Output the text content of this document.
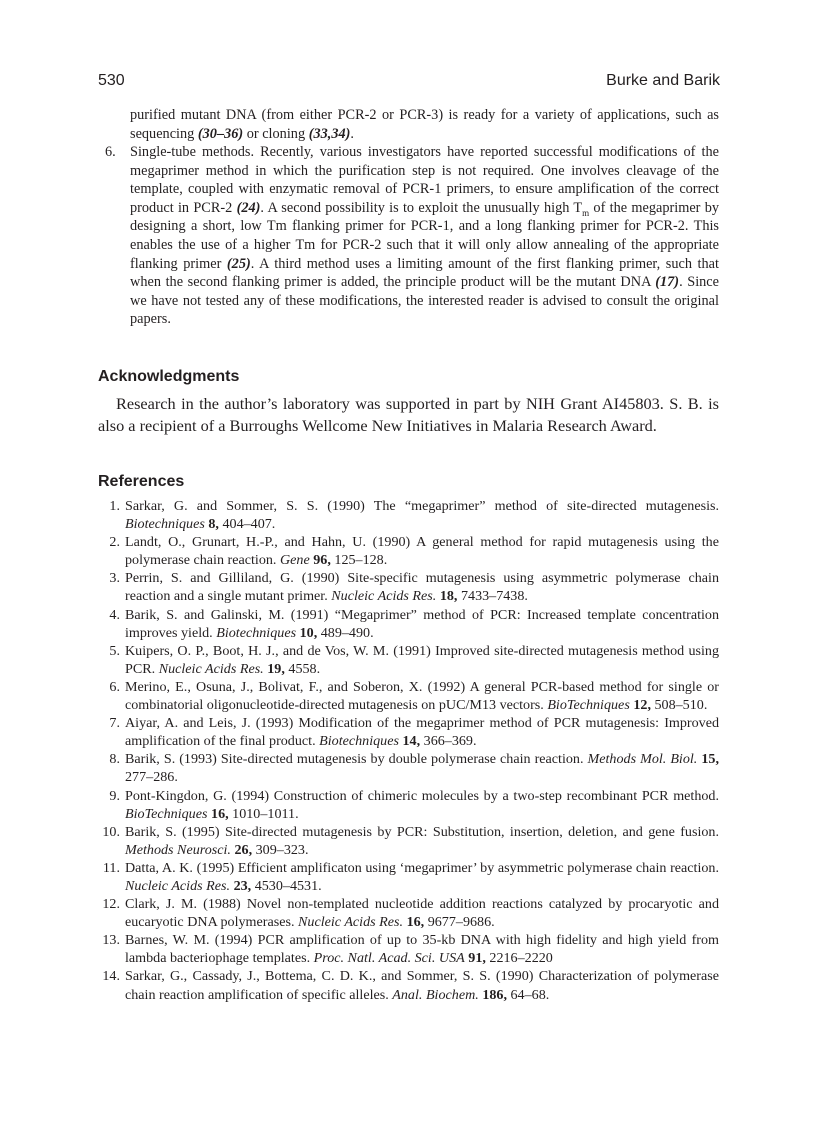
530	Burke and Barik
purified mutant DNA (from either PCR-2 or PCR-3) is ready for a variety of applications, such as sequencing (30–36) or cloning (33,34).
6. Single-tube methods. Recently, various investigators have reported successful modifications of the megaprimer method in which the purification step is not required. One involves cleavage of the template, coupled with enzymatic removal of PCR-1 primers, to ensure amplification of the correct product in PCR-2 (24). A second possibility is to exploit the unusually high $T_m$ of the megaprimer by designing a short, low Tm flanking primer for PCR-1, and a long flanking primer for PCR-2. This enables the use of a higher Tm for PCR-2 such that it will only allow annealing of the appropriate flanking primer (25). A third method uses a limiting amount of the first flanking primer, such that when the second flanking primer is added, the principle product will be the mutant DNA (17). Since we have not tested any of these modifications, the interested reader is advised to consult the original papers.
Acknowledgments

Research in the author’s laboratory was supported in part by NIH Grant AI45803. S. B. is also a recipient of a Burroughs Wellcome New Initiatives in Malaria Research Award.

References
1. Sarkar, G. and Sommer, S. S. (1990) The “megaprimer” method of site-directed mutagenesis. Biotechniques 8, 404–407.
2. Landt, O., Grunart, H.-P., and Hahn, U. (1990) A general method for rapid mutagenesis using the polymerase chain reaction. Gene 96, 125–128.
3. Perrin, S. and Gilliland, G. (1990) Site-specific mutagenesis using asymmetric polymerase chain reaction and a single mutant primer. Nucleic Acids Res. 18, 7433–7438.
4. Barik, S. and Galinski, M. (1991) “Megaprimer” method of PCR: Increased template concentration improves yield. Biotechniques 10, 489–490.
5. Kuipers, O. P., Boot, H. J., and de Vos, W. M. (1991) Improved site-directed mutagenesis method using PCR. Nucleic Acids Res. 19, 4558.
6. Merino, E., Osuna, J., Bolivat, F., and Soberon, X. (1992) A general PCR-based method for single or combinatorial oligonucleotide-directed mutagenesis on pUC/M13 vectors. BioTechniques 12, 508–510.
7. Aiyar, A. and Leis, J. (1993) Modification of the megaprimer method of PCR mutagenesis: Improved amplification of the final product. Biotechniques 14, 366–369.
8. Barik, S. (1993) Site-directed mutagenesis by double polymerase chain reaction. Methods Mol. Biol. 15, 277–286.
9. Pont-Kingdon, G. (1994) Construction of chimeric molecules by a two-step recombinant PCR method. BioTechniques 16, 1010–1011.
10. Barik, S. (1995) Site-directed mutagenesis by PCR: Substitution, insertion, deletion, and gene fusion. Methods Neurosci. 26, 309–323.
11. Datta, A. K. (1995) Efficient amplificaton using ‘megaprimer’ by asymmetric polymerase chain reaction. Nucleic Acids Res. 23, 4530–4531.
12. Clark, J. M. (1988) Novel non-templated nucleotide addition reactions catalyzed by procaryotic and eucaryotic DNA polymerases. Nucleic Acids Res. 16, 9677–9686.
13. Barnes, W. M. (1994) PCR amplification of up to 35-kb DNA with high fidelity and high yield from lambda bacteriophage templates. Proc. Natl. Acad. Sci. USA 91, 2216–2220
14. Sarkar, G., Cassady, J., Bottema, C. D. K., and Sommer, S. S. (1990) Characterization of polymerase chain reaction amplification of specific alleles. Anal. Biochem. 186, 64–68.
